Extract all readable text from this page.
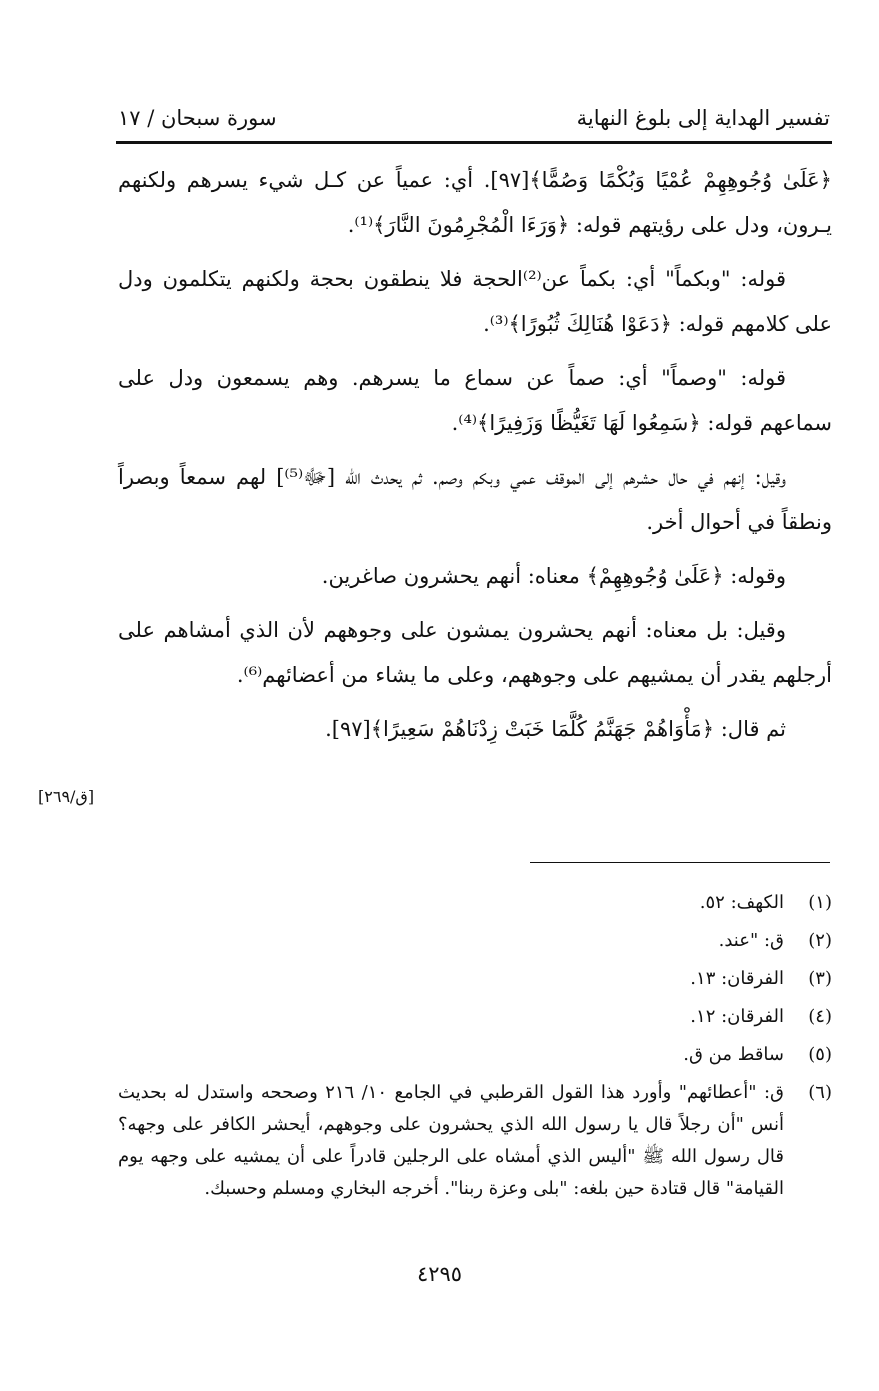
تفسير الهداية إلى بلوغ النهاية
سورة سبحان / ١٧

﴿عَلَىٰ وُجُوهِهِمْ عُمْيًا وَبُكْمًا وَصُمًّا﴾[٩٧]. أي: عمياً عن كـل شيء يسرهم ولكنهم يـرون، ودل على رؤيتهم قوله: ﴿وَرَءَا الْمُجْرِمُونَ النَّارَ﴾⁽¹⁾.

قوله: "وبكماً" أي: بكماً عن⁽²⁾الحجة فلا ينطقون بحجة ولكنهم يتكلمون ودل على كلامهم قوله: ﴿دَعَوْا هُنَالِكَ ثُبُورًا﴾⁽³⁾.

قوله: "وصماً" أي: صماً عن سماع ما يسرهم. وهم يسمعون ودل على سماعهم قوله: ﴿سَمِعُوا لَهَا تَغَيُّظًا وَزَفِيرًا﴾⁽⁴⁾.

وقيل: إنهم في حال حشرهم إلى الموقف عمي وبكم وصم. ثم يحدث الله [ﷻ⁽⁵⁾] لهم سمعاً وبصراً ونطقاً في أحوال أخر.

وقوله: ﴿عَلَىٰ وُجُوهِهِمْ﴾ معناه: أنهم يحشرون صاغرين.

وقيل: بل معناه: أنهم يحشرون يمشون على وجوههم لأن الذي أمشاهم على أرجلهم يقدر أن يمشيهم على وجوههم، وعلى ما يشاء من أعضائهم⁽⁶⁾.

ثم قال: ﴿مَأْوَاهُمْ جَهَنَّمُ كُلَّمَا خَبَتْ زِدْنَاهُمْ سَعِيرًا﴾[٩٧].

[ق/٢٦٩]
(١)
الكهف: ٥٢.
(٢)
ق: "عند.
(٣)
الفرقان: ١٣.
(٤)
الفرقان: ١٢.
(٥)
ساقط من ق.
(٦)
ق: "أعطائهم" وأورد هذا القول القرطبي في الجامع ١٠/ ٢١٦ وصححه واستدل له بحديث أنس "أن رجلاً قال يا رسول الله الذي يحشرون على وجوههم، أيحشر الكافر على وجهه؟ قال رسول الله ﷺ "أليس الذي أمشاه على الرجلين قادراً على أن يمشيه على وجهه يوم القيامة" قال قتادة حين بلغه: "بلى وعزة ربنا". أخرجه البخاري ومسلم وحسبك.
٤٢٩٥
